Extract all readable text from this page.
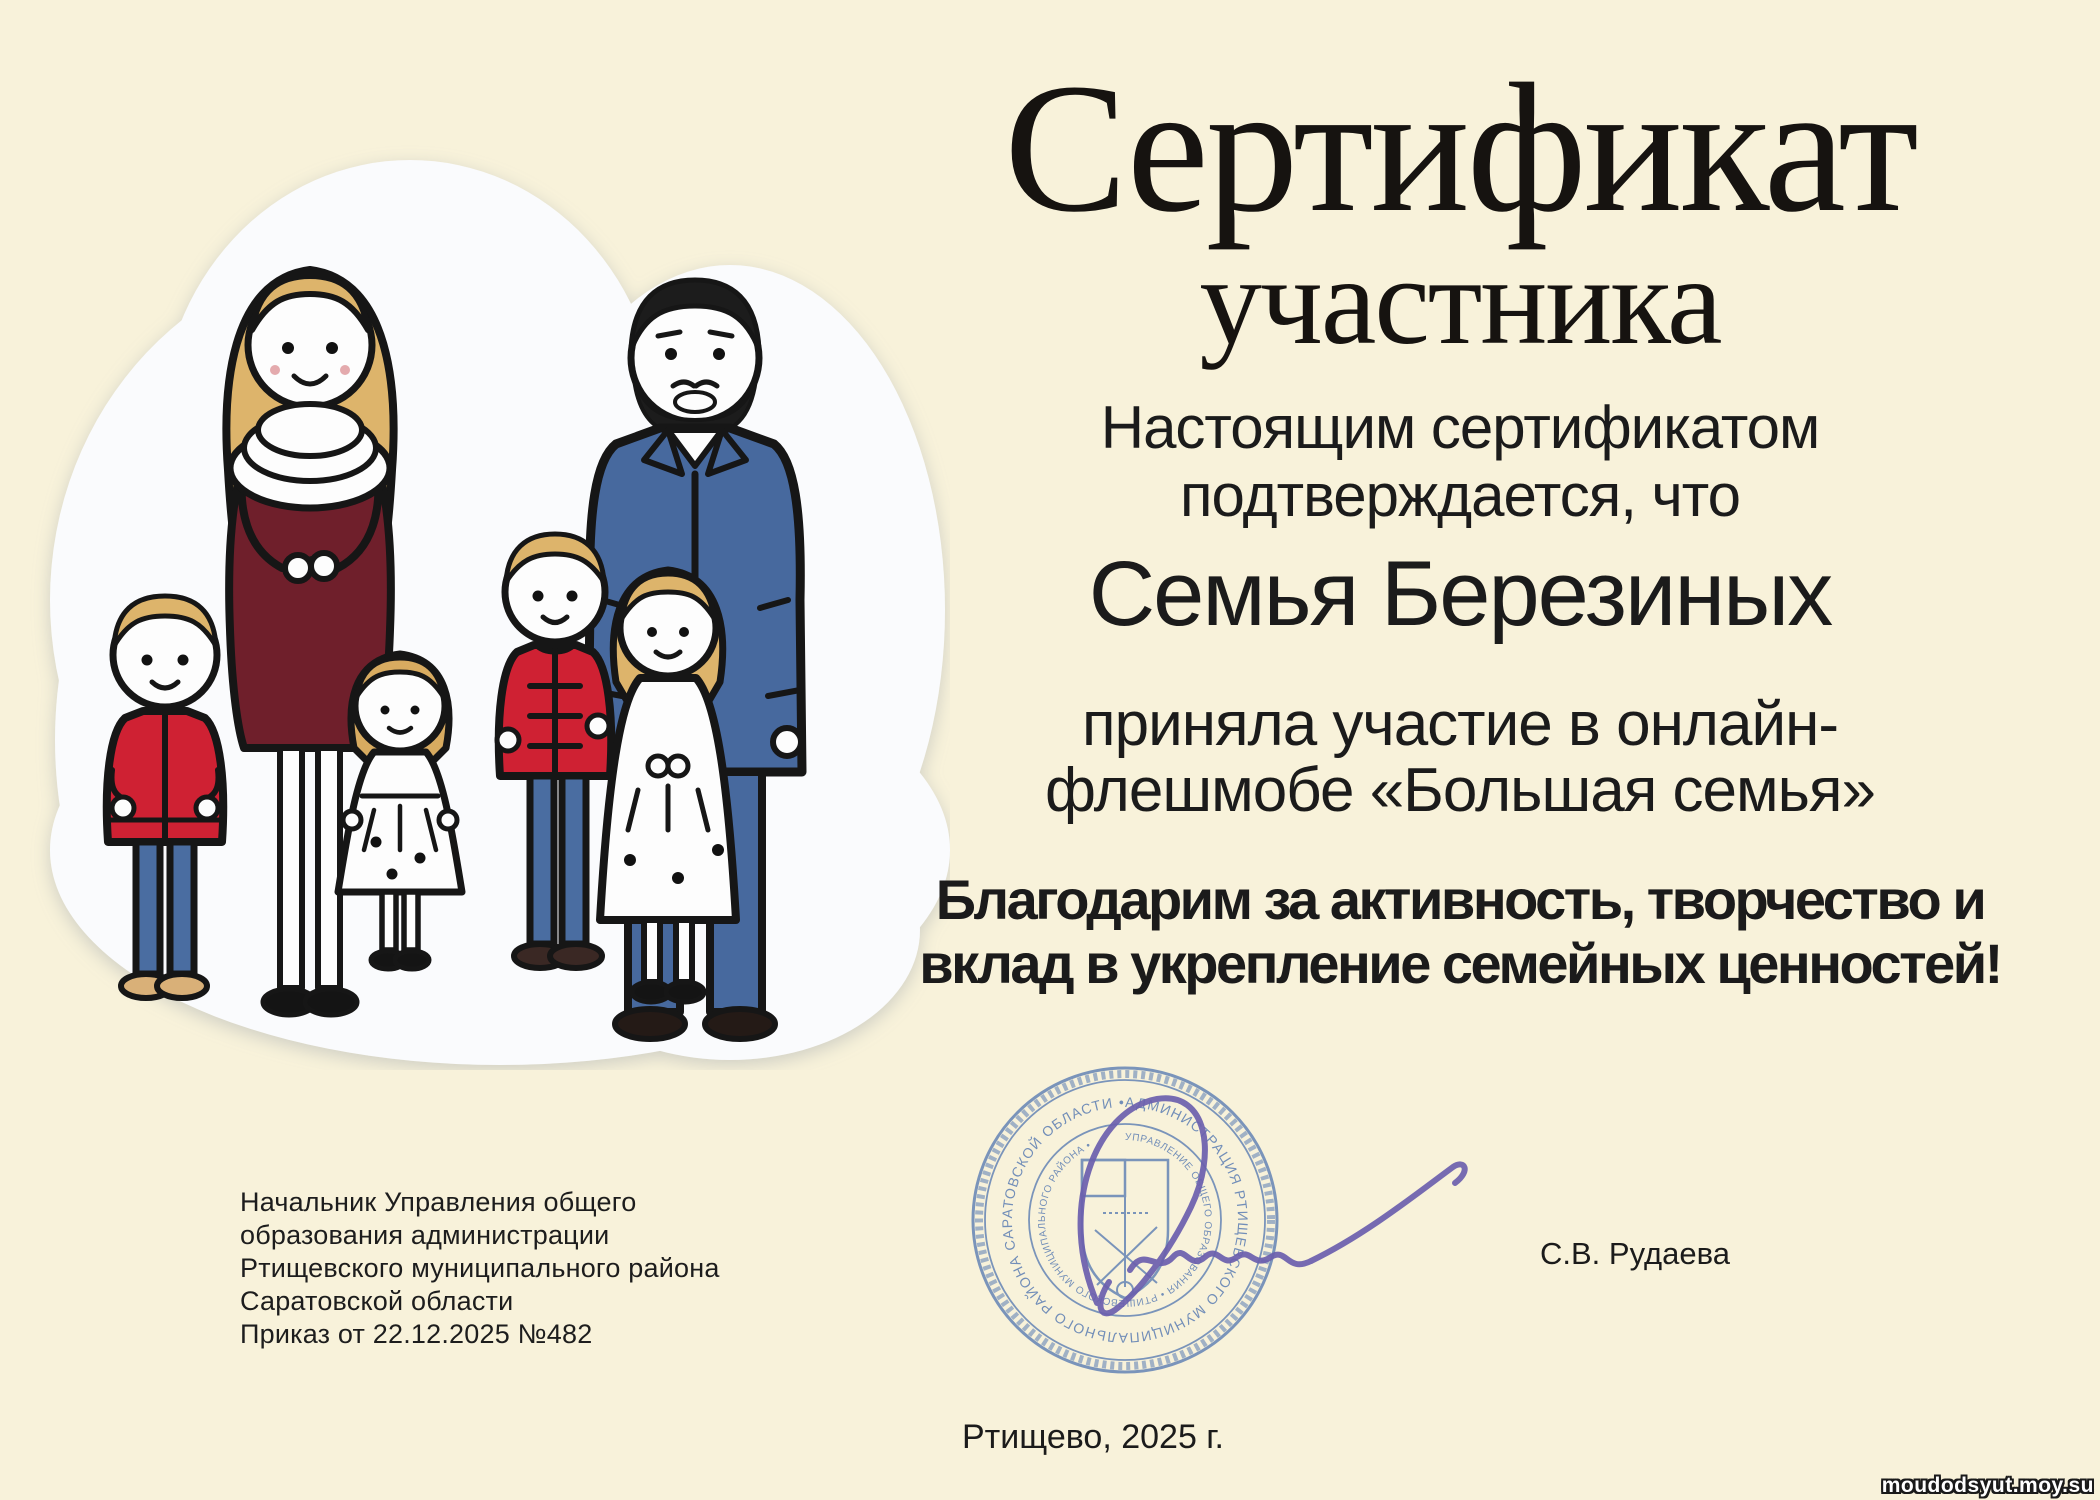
Сертификат
участника
Настоящим сертификатом
подтверждается, что
Семья Березиных
приняла участие в онлайн-
флешмобе «Большая семья»
Благодарим за активность, творчество и
вклад в укрепление семейных ценностей!
Начальник Управления общего
образования администрации
Ртищевского муниципального района
Саратовской области
Приказ от 22.12.2025 №482
АДМИНИСТРАЦИЯ РТИЩЕВСКОГО МУНИЦИПАЛЬНОГО РАЙОНА САРАТОВСКОЙ ОБЛАСТИ •
УПРАВЛЕНИЕ ОБЩЕГО ОБРАЗОВАНИЯ • РТИЩЕВСКОГО МУНИЦИПАЛЬНОГО РАЙОНА •
С.В. Рудаева
Ртищево, 2025 г.
moudodsyut.moy.su
